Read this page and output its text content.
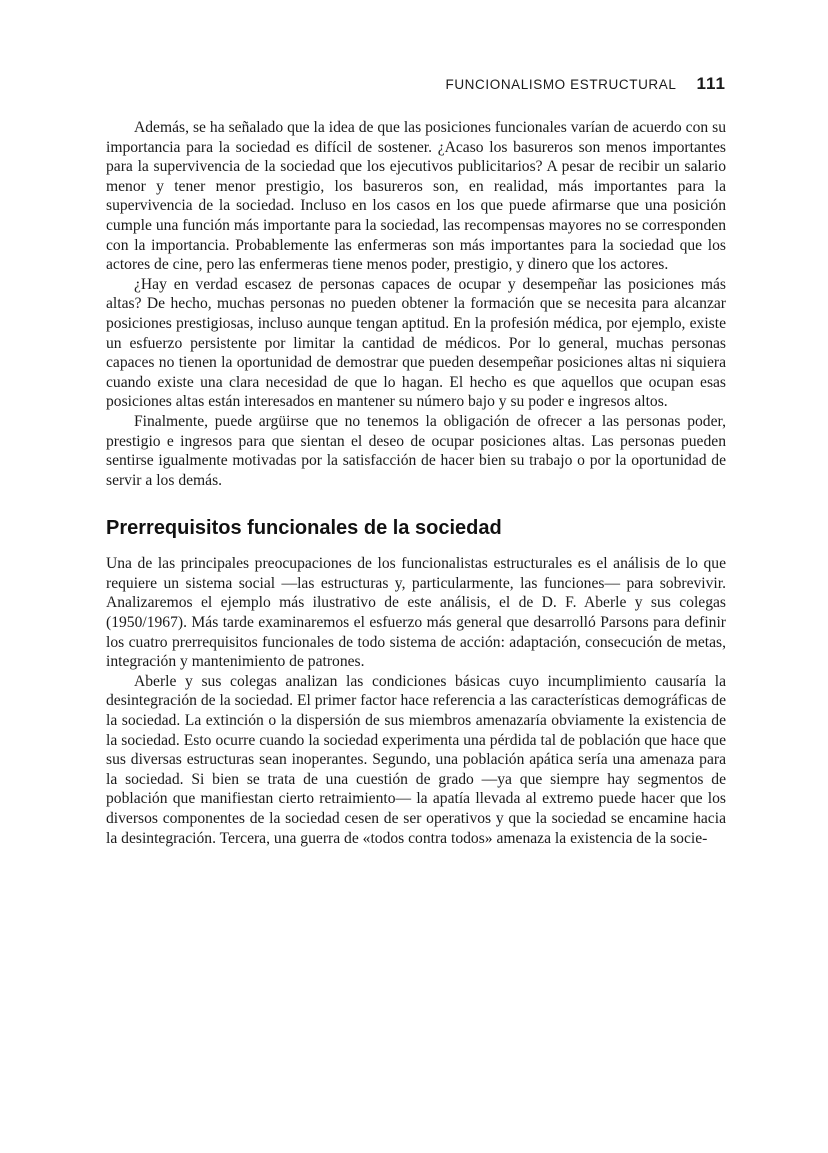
FUNCIONALISMO ESTRUCTURAL 111

Además, se ha señalado que la idea de que las posiciones funcionales varían de acuerdo con su importancia para la sociedad es difícil de sostener. ¿Acaso los basureros son menos importantes para la supervivencia de la sociedad que los ejecutivos publicitarios? A pesar de recibir un salario menor y tener menor prestigio, los basureros son, en realidad, más importantes para la supervivencia de la sociedad. Incluso en los casos en los que puede afirmarse que una posición cumple una función más importante para la sociedad, las recompensas mayores no se corresponden con la importancia. Probablemente las enfermeras son más importantes para la sociedad que los actores de cine, pero las enfermeras tiene menos poder, prestigio, y dinero que los actores.

¿Hay en verdad escasez de personas capaces de ocupar y desempeñar las posiciones más altas? De hecho, muchas personas no pueden obtener la formación que se necesita para alcanzar posiciones prestigiosas, incluso aunque tengan aptitud. En la profesión médica, por ejemplo, existe un esfuerzo persistente por limitar la cantidad de médicos. Por lo general, muchas personas capaces no tienen la oportunidad de demostrar que pueden desempeñar posiciones altas ni siquiera cuando existe una clara necesidad de que lo hagan. El hecho es que aquellos que ocupan esas posiciones altas están interesados en mantener su número bajo y su poder e ingresos altos.

Finalmente, puede argüirse que no tenemos la obligación de ofrecer a las personas poder, prestigio e ingresos para que sientan el deseo de ocupar posiciones altas. Las personas pueden sentirse igualmente motivadas por la satisfacción de hacer bien su trabajo o por la oportunidad de servir a los demás.

Prerrequisitos funcionales de la sociedad

Una de las principales preocupaciones de los funcionalistas estructurales es el análisis de lo que requiere un sistema social —las estructuras y, particularmente, las funciones— para sobrevivir. Analizaremos el ejemplo más ilustrativo de este análisis, el de D. F. Aberle y sus colegas (1950/1967). Más tarde examinaremos el esfuerzo más general que desarrolló Parsons para definir los cuatro prerrequisitos funcionales de todo sistema de acción: adaptación, consecución de metas, integración y mantenimiento de patrones.

Aberle y sus colegas analizan las condiciones básicas cuyo incumplimiento causaría la desintegración de la sociedad. El primer factor hace referencia a las características demográficas de la sociedad. La extinción o la dispersión de sus miembros amenazaría obviamente la existencia de la sociedad. Esto ocurre cuando la sociedad experimenta una pérdida tal de población que hace que sus diversas estructuras sean inoperantes. Segundo, una población apática sería una amenaza para la sociedad. Si bien se trata de una cuestión de grado —ya que siempre hay segmentos de población que manifiestan cierto retraimiento— la apatía llevada al extremo puede hacer que los diversos componentes de la sociedad cesen de ser operativos y que la sociedad se encamine hacia la desintegración. Tercera, una guerra de «todos contra todos» amenaza la existencia de la socie-
